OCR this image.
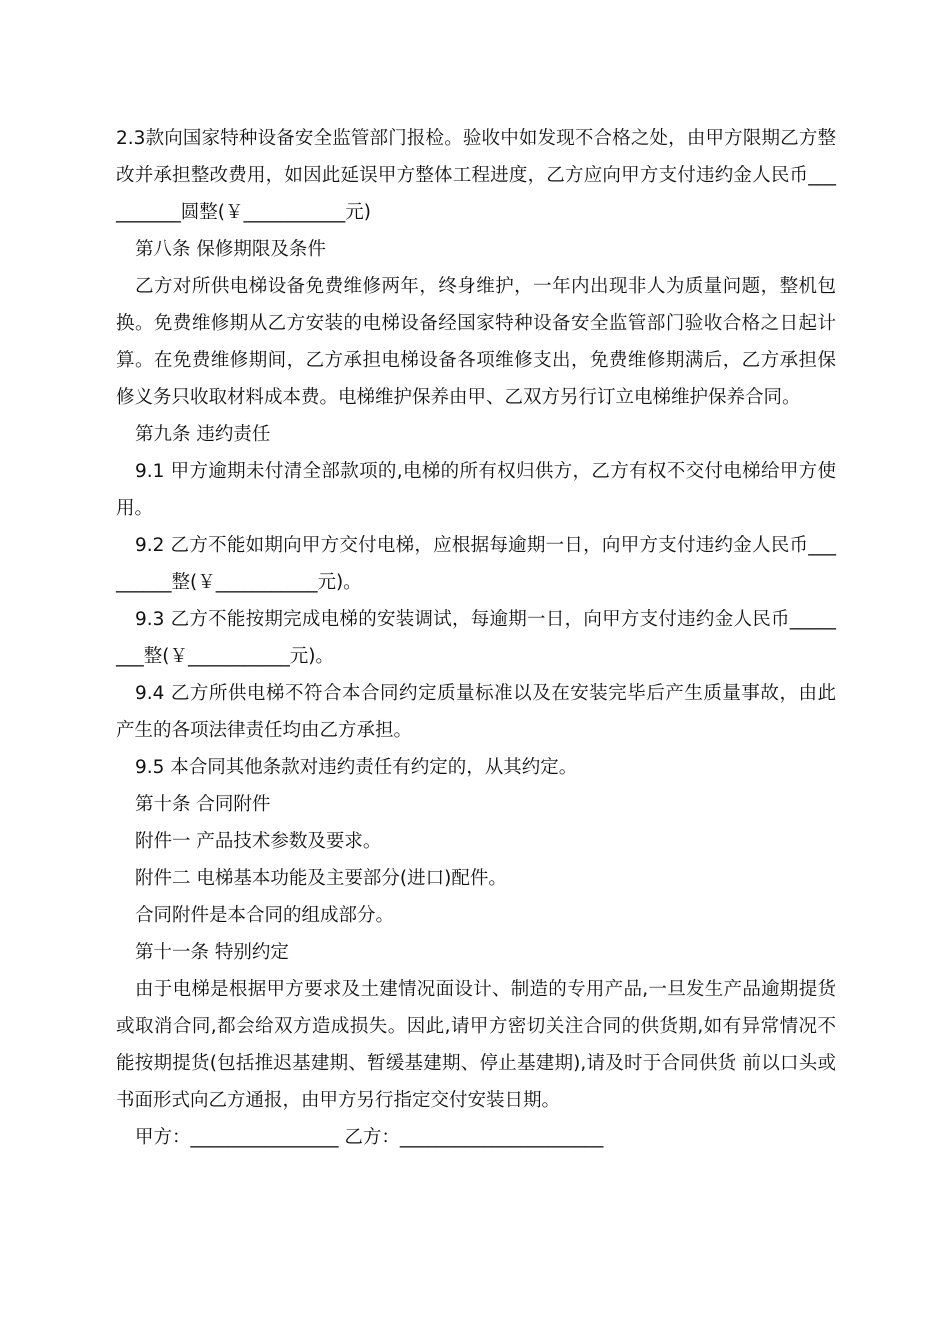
2.3款向国家特种设备安全监管部门报检。验收中如发现不合格之处，由甲方限期乙方整改并承担整改费用，如因此延误甲方整体工程进度，乙方应向甲方支付违约金人民币__________圆整(￥___________元)

第八条 保修期限及条件

乙方对所供电梯设备免费维修两年，终身维护，一年内出现非人为质量问题，整机包换。免费维修期从乙方安装的电梯设备经国家特种设备安全监管部门验收合格之日起计算。在免费维修期间，乙方承担电梯设备各项维修支出，免费维修期满后，乙方承担保修义务只收取材料成本费。电梯维护保养由甲、乙双方另行订立电梯维护保养合同。

第九条 违约责任

9.1 甲方逾期未付清全部款项的,电梯的所有权归供方，乙方有权不交付电梯给甲方使用。

9.2 乙方不能如期向甲方交付电梯，应根据每逾期一日，向甲方支付违约金人民币_________整(￥___________元)。

9.3 乙方不能按期完成电梯的安装调试，每逾期一日，向甲方支付违约金人民币________整(￥___________元)。

9.4 乙方所供电梯不符合本合同约定质量标准以及在安装完毕后产生质量事故，由此产生的各项法律责任均由乙方承担。

9.5 本合同其他条款对违约责任有约定的，从其约定。

第十条 合同附件

附件一 产品技术参数及要求。

附件二 电梯基本功能及主要部分(进口)配件。

合同附件是本合同的组成部分。

第十一条 特别约定

由于电梯是根据甲方要求及土建情况面设计、制造的专用产品,一旦发生产品逾期提货或取消合同,都会给双方造成损失。因此,请甲方密切关注合同的供货期,如有异常情况不能按期提货(包括推迟基建期、暂缓基建期、停止基建期),请及时于合同供货 前以口头或书面形式向乙方通报，由甲方另行指定交付安装日期。

甲方：________________ 乙方：______________________
